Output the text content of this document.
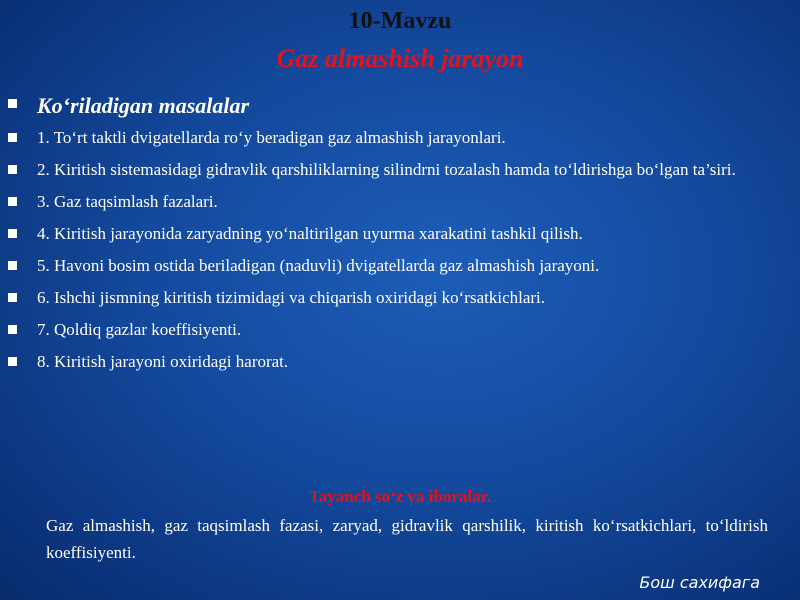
10-Mavzu
Gaz almashish jarayon
Ko‘riladigan masalalar
1. To‘rt taktli dvigatellarda ro‘y beradigan gaz almashish jarayonlari.
2. Kiritish sistemasidagi gidravlik qarshiliklarning silindrni tozalash hamda to‘ldirishga bo‘lgan ta’siri.
3. Gaz taqsimlash fazalari.
4. Kiritish jarayonida zaryadning yo‘naltirilgan uyurma xarakatini tashkil qilish.
5. Havoni bosim ostida beriladigan (naduvli) dvigatellarda gaz almashish jarayoni.
6. Ishchi jismning kiritish tizimidagi va chiqarish oxiridagi ko‘rsatkichlari.
7. Qoldiq gazlar koeffisiyenti.
8. Kiritish jarayoni oxiridagi harorat.
Tayanch so‘z va iboralar.
Gaz almashish, gaz taqsimlash fazasi, zaryad, gidravlik qarshilik, kiritish ko‘rsatkichlari, to‘ldirish koeffisiyenti.
Бош сахифага
